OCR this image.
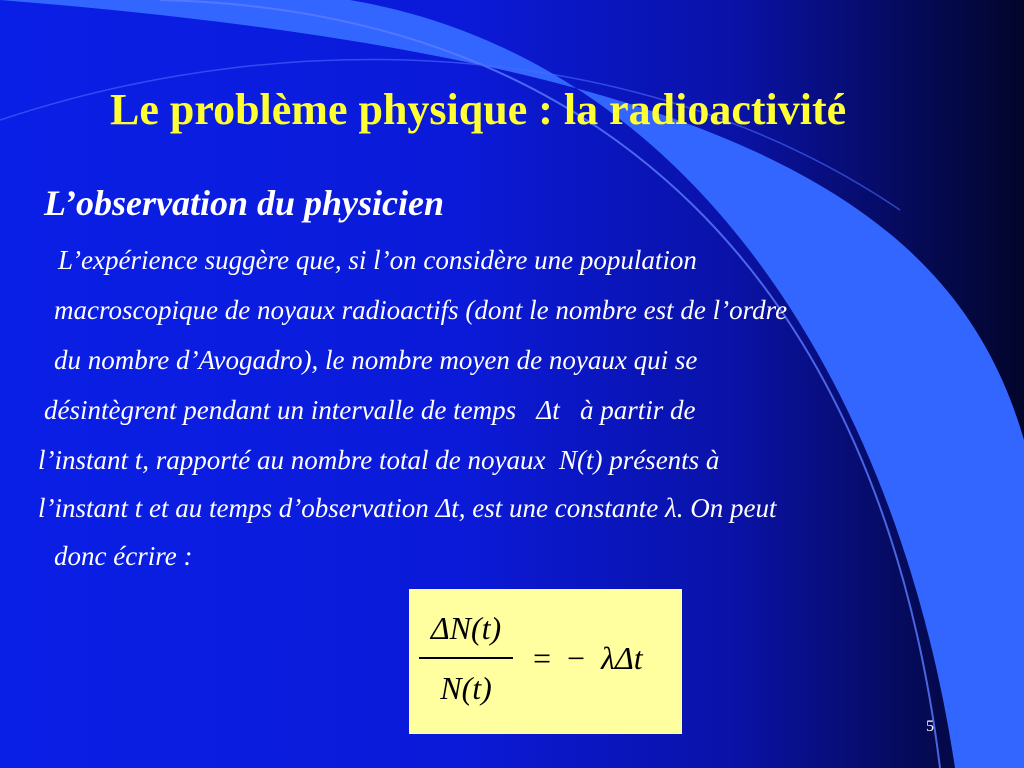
Le problème physique : la radioactivité
L’observation du physicien

L’expérience suggère que, si l’on considère une population

macroscopique de noyaux radioactifs (dont le nombre est de l’ordre

du nombre d’Avogadro), le nombre moyen de noyaux qui se

désintègrent pendant un intervalle de temps   Δt   à partir de

l’instant t, rapporté au nombre total de noyaux  N(t) présents à

l’instant t et au temps d’observation Δt, est une constante λ. On peut

donc écrire :

ΔN(t)
N(t)
=  − λΔt
5
